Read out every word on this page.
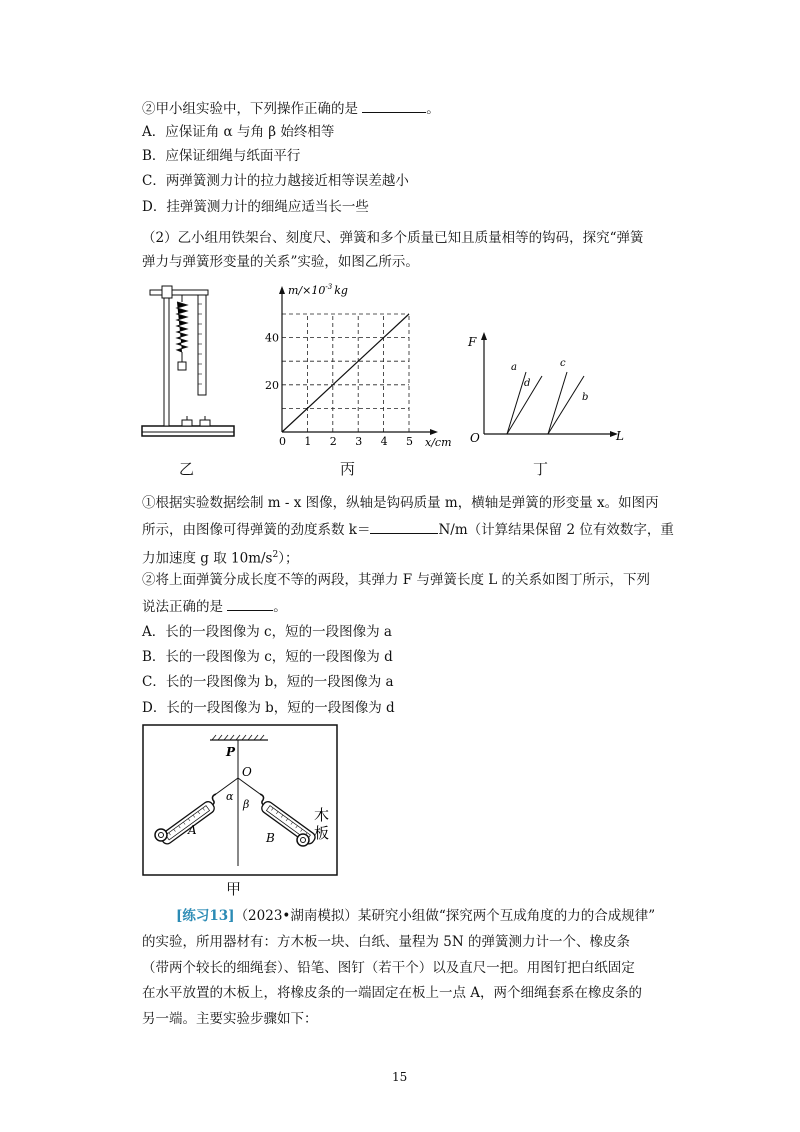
②甲小组实验中，下列操作正确的是	。
A．应保证角 α 与角 β 始终相等
B．应保证细绳与纸面平行
C．两弹簧测力计的拉力越接近相等误差越小
D．挂弹簧测力计的细绳应适当长一些
（2）乙小组用铁架台、刻度尺、弹簧和多个质量已知且质量相等的钩码，探究“弹簧
弹力与弹簧形变量的关系”实验，如图乙所示。
乙
0 1 2 3 4 5
20
40
$m/\times 10^{-3}$ kg
x/cm
丙
F
L
O
a
d
c
b
丁
①根据实验数据绘制 m - x 图像，纵轴是钩码质量 m，横轴是弹簧的形变量 x。如图丙
所示，由图像可得弹簧的劲度系数 k＝	N/m（计算结果保留 2 位有效数字，重
力加速度 g 取 $10m/s^2$）；
②将上面弹簧分成长度不等的两段，其弹力 F 与弹簧长度 L 的关系如图丁所示，下列
说法正确的是	。
A．长的一段图像为 c，短的一段图像为 a
B．长的一段图像为 c，短的一段图像为 d
C．长的一段图像为 b，短的一段图像为 a
D．长的一段图像为 b，短的一段图像为 d
P
O
α
β
A
B
木
板
甲
[练习13]（2023•湖南模拟）某研究小组做“探究两个互成角度的力的合成规律”
的实验，所用器材有：方木板一块、白纸、量程为 5N 的弹簧测力计一个、橡皮条
（带两个较长的细绳套）、铅笔、图钉（若干个）以及直尺一把。用图钉把白纸固定
在水平放置的木板上，将橡皮条的一端固定在板上一点 A，两个细绳套系在橡皮条的
另一端。主要实验步骤如下：
15
